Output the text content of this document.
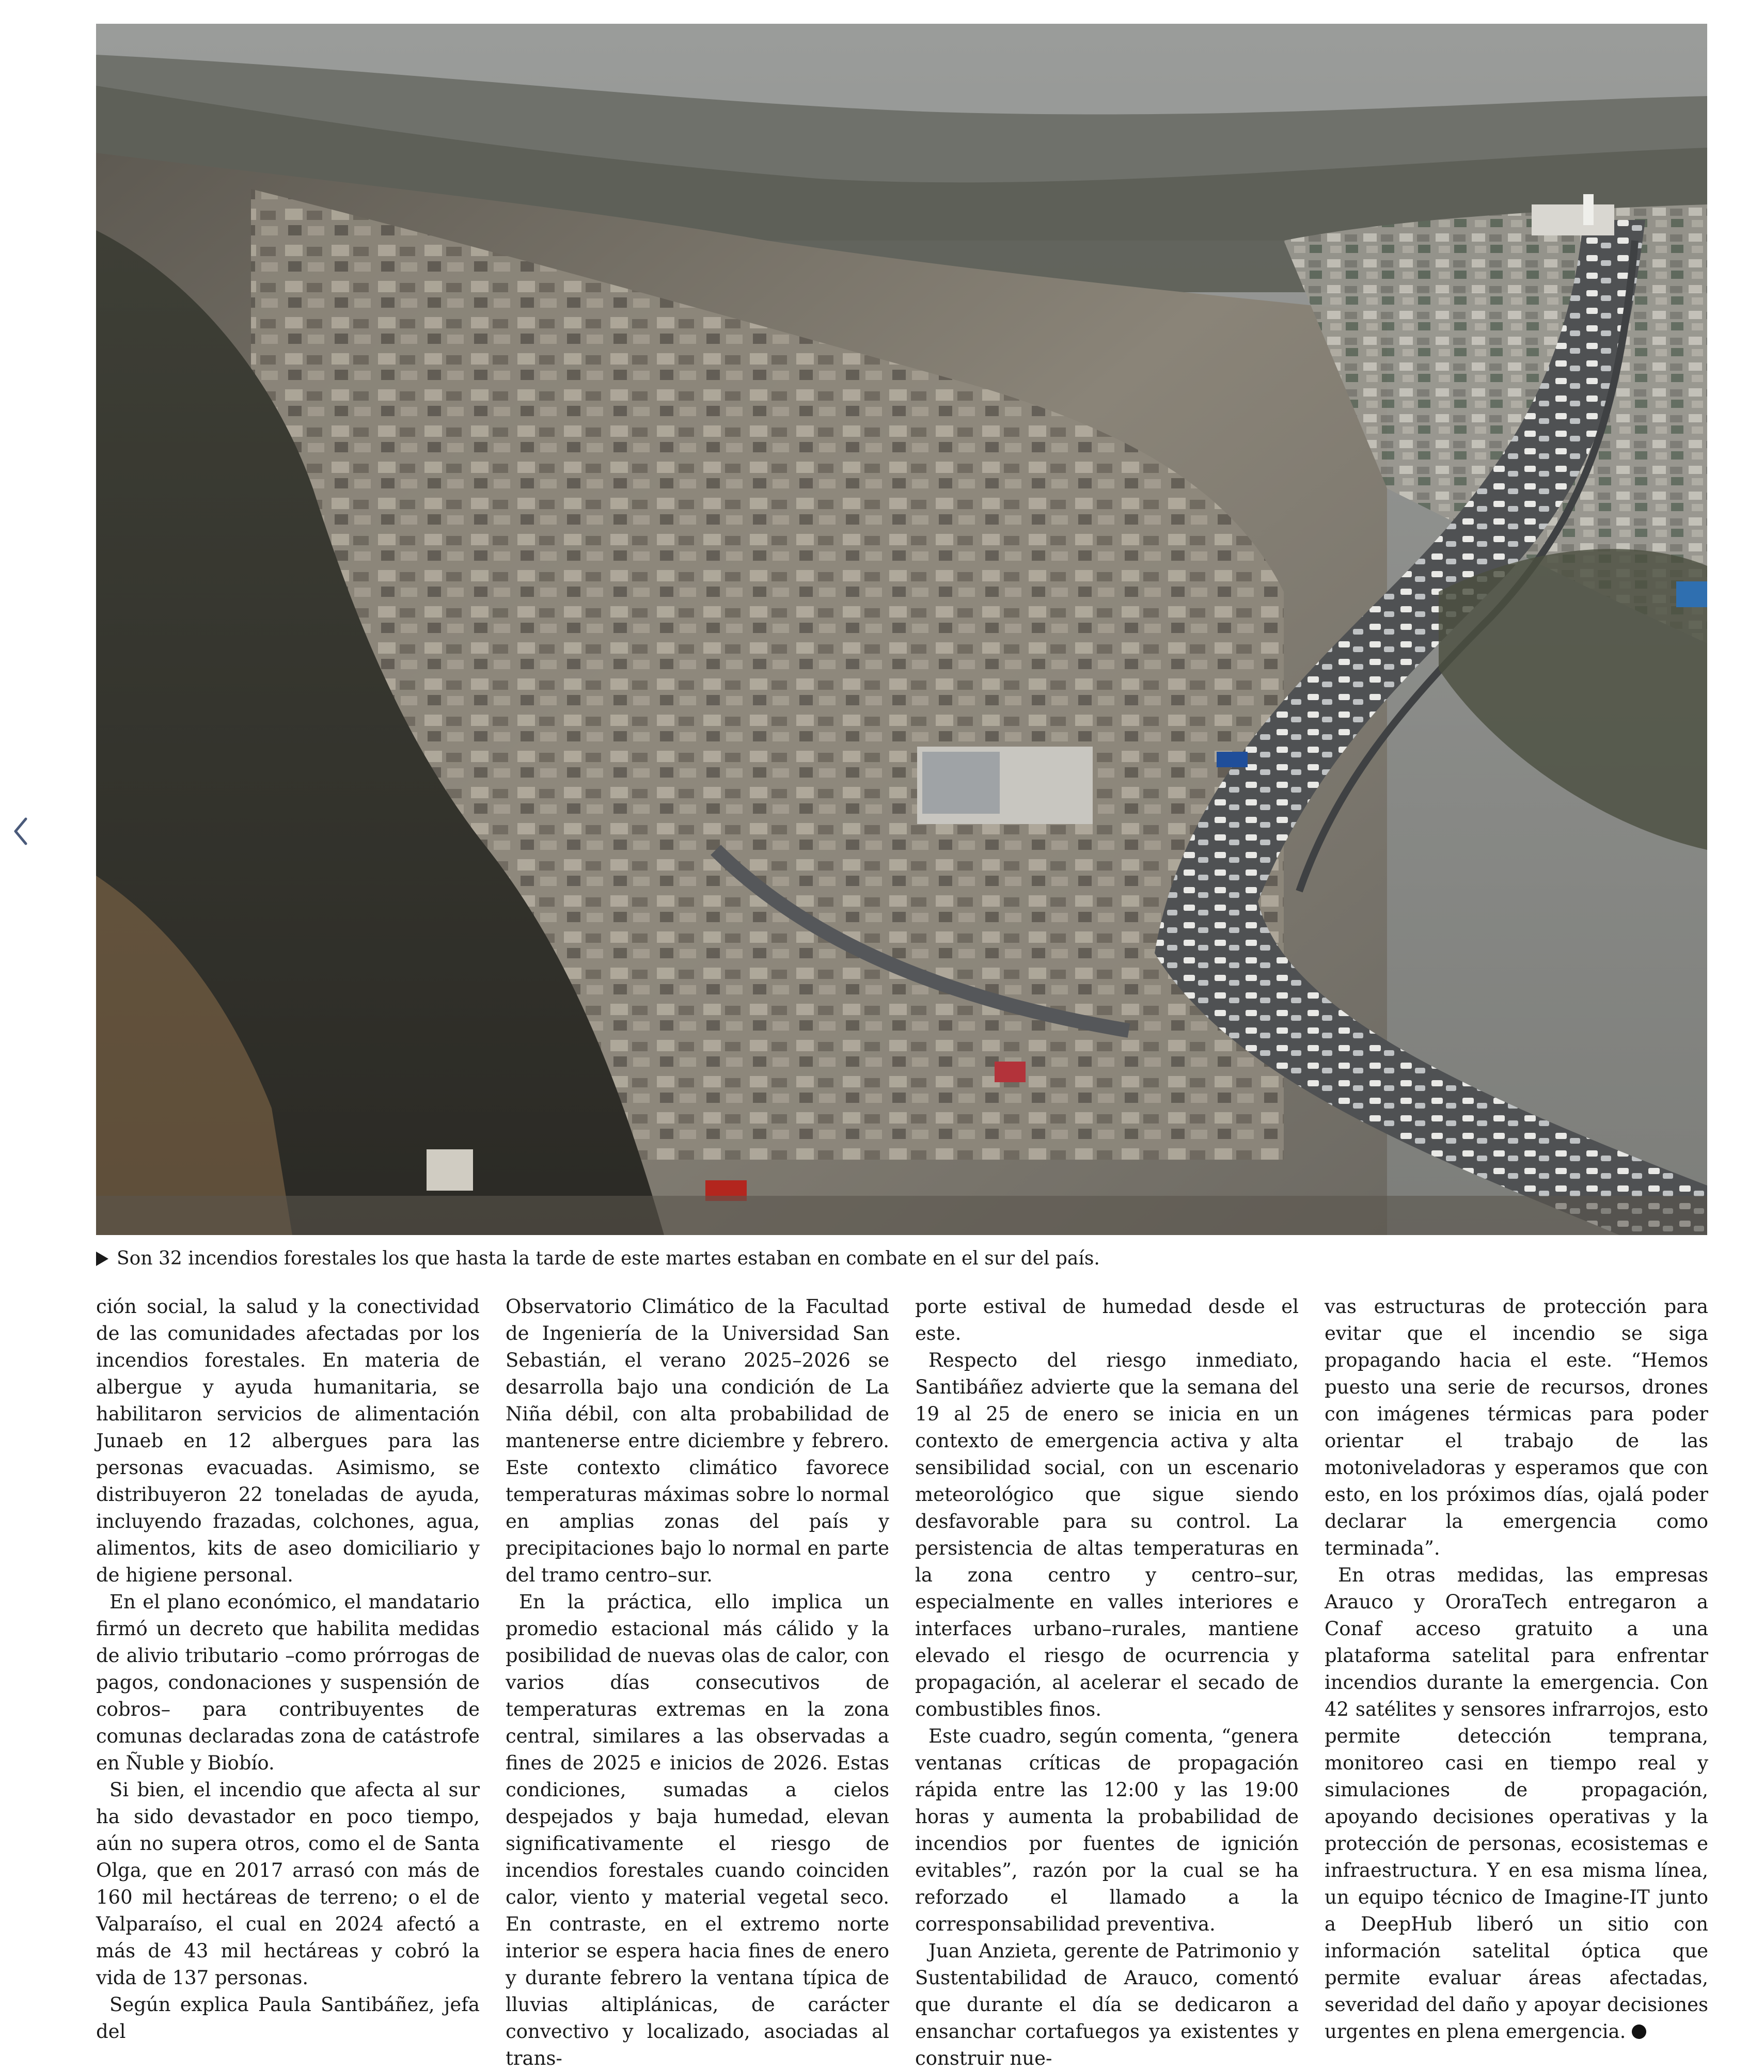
Son 32 incendios forestales los que hasta la tarde de este martes estaban en combate en el sur del país.

ción social, la salud y la conectividad de las comunidades afectadas por los incendios forestales. En materia de albergue y ayuda humanitaria, se habilitaron servicios de alimentación Junaeb en 12 albergues para las personas evacuadas. Asimismo, se distribuyeron 22 toneladas de ayuda, incluyendo frazadas, colchones, agua, alimentos, kits de aseo domiciliario y de higiene personal.

En el plano económico, el mandatario firmó un decreto que habilita medidas de alivio tributario –como prórrogas de pagos, condonaciones y suspensión de cobros– para contribuyentes de comunas declaradas zona de catástrofe en Ñuble y Biobío.

Si bien, el incendio que afecta al sur ha sido devastador en poco tiempo, aún no supera otros, como el de Santa Olga, que en 2017 arrasó con más de 160 mil hectáreas de terreno; o el de Valparaíso, el cual en 2024 afectó a más de 43 mil hectáreas y cobró la vida de 137 personas.

Según explica Paula Santibáñez, jefa del

Observatorio Climático de la Facultad de Ingeniería de la Universidad San Sebastián, el verano 2025–2026 se desarrolla bajo una condición de La Niña débil, con alta probabilidad de mantenerse entre diciembre y febrero. Este contexto climático favorece temperaturas máximas sobre lo normal en amplias zonas del país y precipitaciones bajo lo normal en parte del tramo centro–sur.

En la práctica, ello implica un promedio estacional más cálido y la posibilidad de nuevas olas de calor, con varios días consecutivos de temperaturas extremas en la zona central, similares a las observadas a fines de 2025 e inicios de 2026. Estas condiciones, sumadas a cielos despejados y baja humedad, elevan significativamente el riesgo de incendios forestales cuando coinciden calor, viento y material vegetal seco. En contraste, en el extremo norte interior se espera hacia fines de enero y durante febrero la ventana típica de lluvias altiplánicas, de carácter convectivo y localizado, asociadas al trans-

porte estival de humedad desde el este.

Respecto del riesgo inmediato, Santibáñez advierte que la semana del 19 al 25 de enero se inicia en un contexto de emergencia activa y alta sensibilidad social, con un escenario meteorológico que sigue siendo desfavorable para su control. La persistencia de altas temperaturas en la zona centro y centro–sur, especialmente en valles interiores e interfaces urbano–rurales, mantiene elevado el riesgo de ocurrencia y propagación, al acelerar el secado de combustibles finos.

Este cuadro, según comenta, “genera ventanas críticas de propagación rápida entre las 12:00 y las 19:00 horas y aumenta la probabilidad de incendios por fuentes de ignición evitables”, razón por la cual se ha reforzado el llamado a la corresponsabilidad preventiva.

Juan Anzieta, gerente de Patrimonio y Sustentabilidad de Arauco, comentó que durante el día se dedicaron a ensanchar cortafuegos ya existentes y construir nue-

vas estructuras de protección para evitar que el incendio se siga propagando hacia el este. “Hemos puesto una serie de recursos, drones con imágenes térmicas para poder orientar el trabajo de las motoniveladoras y esperamos que con esto, en los próximos días, ojalá poder declarar la emergencia como terminada”.

En otras medidas, las empresas Arauco y OroraTech entregaron a Conaf acceso gratuito a una plataforma satelital para enfrentar incendios durante la emergencia. Con 42 satélites y sensores infrarrojos, esto permite detección temprana, monitoreo casi en tiempo real y simulaciones de propagación, apoyando decisiones operativas y la protección de personas, ecosistemas e infraestructura. Y en esa misma línea, un equipo técnico de Imagine-IT junto a DeepHub liberó un sitio con información satelital óptica que permite evaluar áreas afectadas, severidad del daño y apoyar decisiones urgentes en plena emergencia.
